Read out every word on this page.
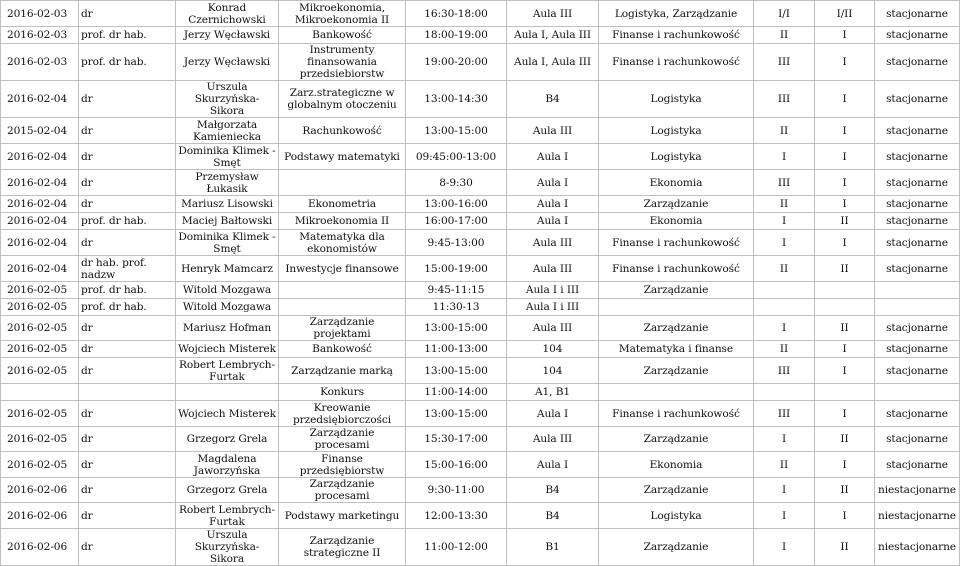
2016-02-03	dr	Konrad Czernichowski	Mikroekonomia, Mikroekonomia II	16:30-18:00	Aula III	Logistyka, Zarządzanie	I/I	I/II	stacjonarne
2016-02-03	prof. dr hab.	Jerzy Węcławski	Bankowość	18:00-19:00	Aula I, Aula III	Finanse i rachunkowość	II	I	stacjonarne
2016-02-03	prof. dr hab.	Jerzy Węcławski	Instrumenty finansowania przedsiebiorstw	19:00-20:00	Aula I, Aula III	Finanse i rachunkowość	III	I	stacjonarne
2016-02-04	dr	Urszula Skurzyńska-Sikora	Zarz.strategiczne w globalnym otoczeniu	13:00-14:30	B4	Logistyka	III	I	stacjonarne
2015-02-04	dr	Małgorzata Kamieniecka	Rachunkowość	13:00-15:00	Aula III	Logistyka	II	I	stacjonarne
2016-02-04	dr	Dominika Klimek - Smęt	Podstawy matematyki	09:45:00-13:00	Aula I	Logistyka	I	I	stacjonarne
2016-02-04	dr	Przemysław Łukasik		8-9:30	Aula I	Ekonomia	III	I	stacjonarne
2016-02-04	dr	Mariusz Lisowski	Ekonometria	13:00-16:00	Aula I	Zarządzanie	II	I	stacjonarne
2016-02-04	prof. dr hab.	Maciej Bałtowski	Mikroekonomia II	16:00-17:00	Aula I	Ekonomia	I	II	stacjonarne
2016-02-04	dr	Dominika Klimek - Smęt	Matematyka dla ekonomistów	9:45-13:00	Aula III	Finanse i rachunkowość	I	I	stacjonarne
2016-02-04	dr hab. prof. nadzw	Henryk Mamcarz	Inwestycje finansowe	15:00-19:00	Aula III	Finanse i rachunkowość	II	II	stacjonarne
2016-02-05	prof. dr hab.	Witold Mozgawa		9:45-11:15	Aula I i III	Zarządzanie			
2016-02-05	prof. dr hab.	Witold Mozgawa		11:30-13	Aula I i III				
2016-02-05	dr	Mariusz Hofman	Zarządzanie projektami	13:00-15:00	Aula III	Zarządzanie	I	II	stacjonarne
2016-02-05	dr	Wojciech Misterek	Bankowość	11:00-13:00	104	Matematyka i finanse	II	I	stacjonarne
2016-02-05	dr	Robert Lembrych-Furtak	Zarządzanie marką	13:00-15:00	104	Zarządzanie	III	I	stacjonarne
			Konkurs	11:00-14:00	A1, B1				
2016-02-05	dr	Wojciech Misterek	Kreowanie przedsiębiorczości	13:00-15:00	Aula I	Finanse i rachunkowość	III	I	stacjonarne
2016-02-05	dr	Grzegorz Grela	Zarządzanie procesami	15:30-17:00	Aula III	Zarządzanie	I	II	stacjonarne
2016-02-05	dr	Magdalena Jaworzyńska	Finanse przedsiębiorstw	15:00-16:00	Aula I	Ekonomia	II	I	stacjonarne
2016-02-06	dr	Grzegorz Grela	Zarządzanie procesami	9:30-11:00	B4	Zarządzanie	I	II	niestacjonarne
2016-02-06	dr	Robert Lembrych-Furtak	Podstawy marketingu	12:00-13:30	B4	Logistyka	I	I	niestacjonarne
2016-02-06	dr	Urszula Skurzyńska-Sikora	Zarządzanie strategiczne II	11:00-12:00	B1	Zarządzanie	I	II	niestacjonarne
